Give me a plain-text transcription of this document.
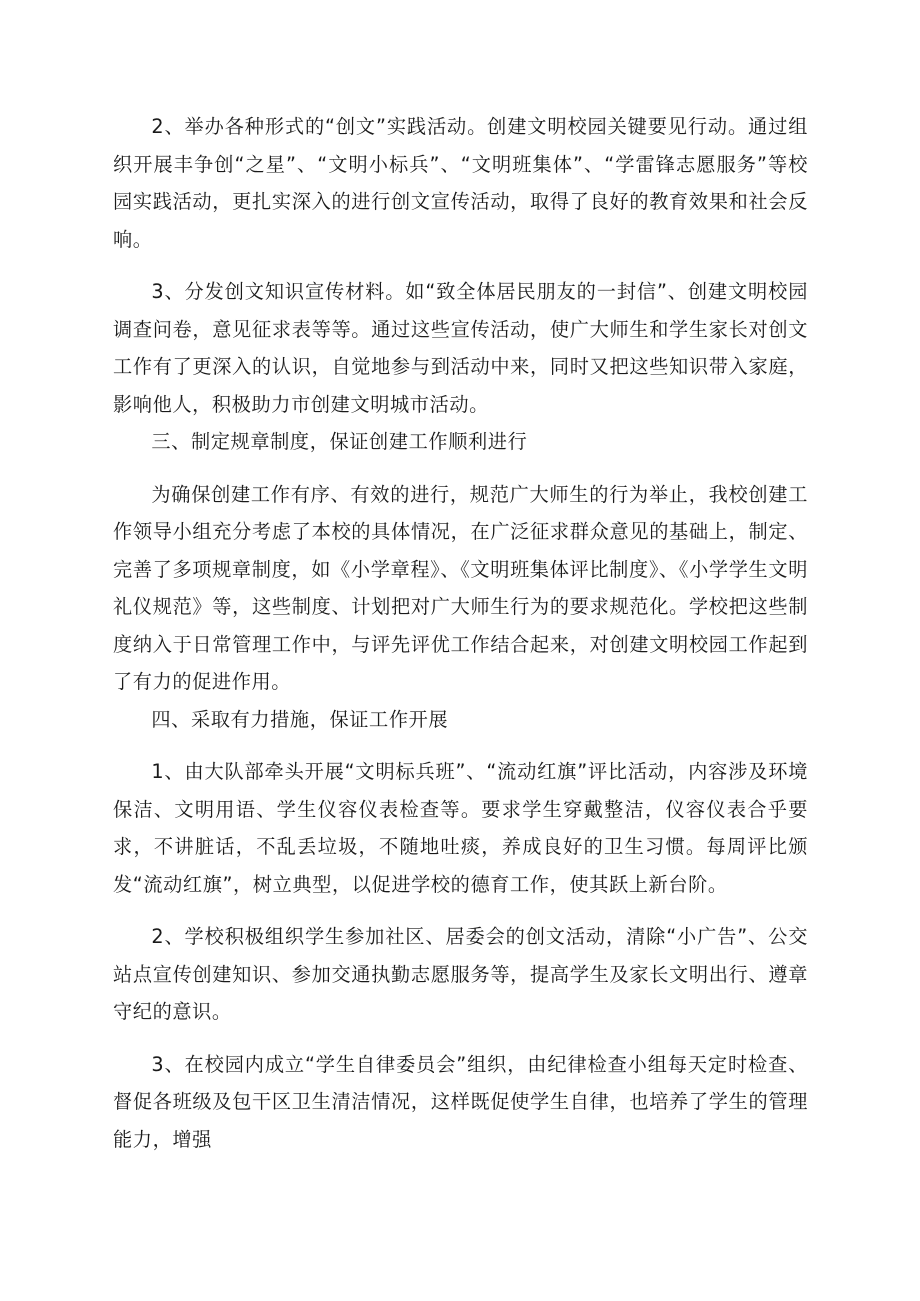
2、举办各种形式的“创文”实践活动。创建文明校园关键要见行动。通过组织开展丰争创“之星”、“文明小标兵”、“文明班集体”、“学雷锋志愿服务”等校园实践活动，更扎实深入的进行创文宣传活动，取得了良好的教育效果和社会反响。

3、分发创文知识宣传材料。如“致全体居民朋友的一封信”、创建文明校园调查问卷，意见征求表等等。通过这些宣传活动，使广大师生和学生家长对创文工作有了更深入的认识，自觉地参与到活动中来，同时又把这些知识带入家庭，影响他人，积极助力市创建文明城市活动。

三、制定规章制度，保证创建工作顺利进行

为确保创建工作有序、有效的进行，规范广大师生的行为举止，我校创建工作领导小组充分考虑了本校的具体情况，在广泛征求群众意见的基础上，制定、完善了多项规章制度，如《小学章程》、《文明班集体评比制度》、《小学学生文明礼仪规范》等，这些制度、计划把对广大师生行为的要求规范化。学校把这些制度纳入于日常管理工作中，与评先评优工作结合起来，对创建文明校园工作起到了有力的促进作用。

四、采取有力措施，保证工作开展

1、由大队部牵头开展“文明标兵班”、“流动红旗”评比活动，内容涉及环境保洁、文明用语、学生仪容仪表检查等。要求学生穿戴整洁，仪容仪表合乎要求，不讲脏话，不乱丢垃圾，不随地吐痰，养成良好的卫生习惯。每周评比颁发“流动红旗”，树立典型，以促进学校的德育工作，使其跃上新台阶。

2、学校积极组织学生参加社区、居委会的创文活动，清除“小广告”、公交站点宣传创建知识、参加交通执勤志愿服务等，提高学生及家长文明出行、遵章守纪的意识。

3、在校园内成立“学生自律委员会”组织，由纪律检查小组每天定时检查、督促各班级及包干区卫生清洁情况，这样既促使学生自律，也培养了学生的管理能力，增强
